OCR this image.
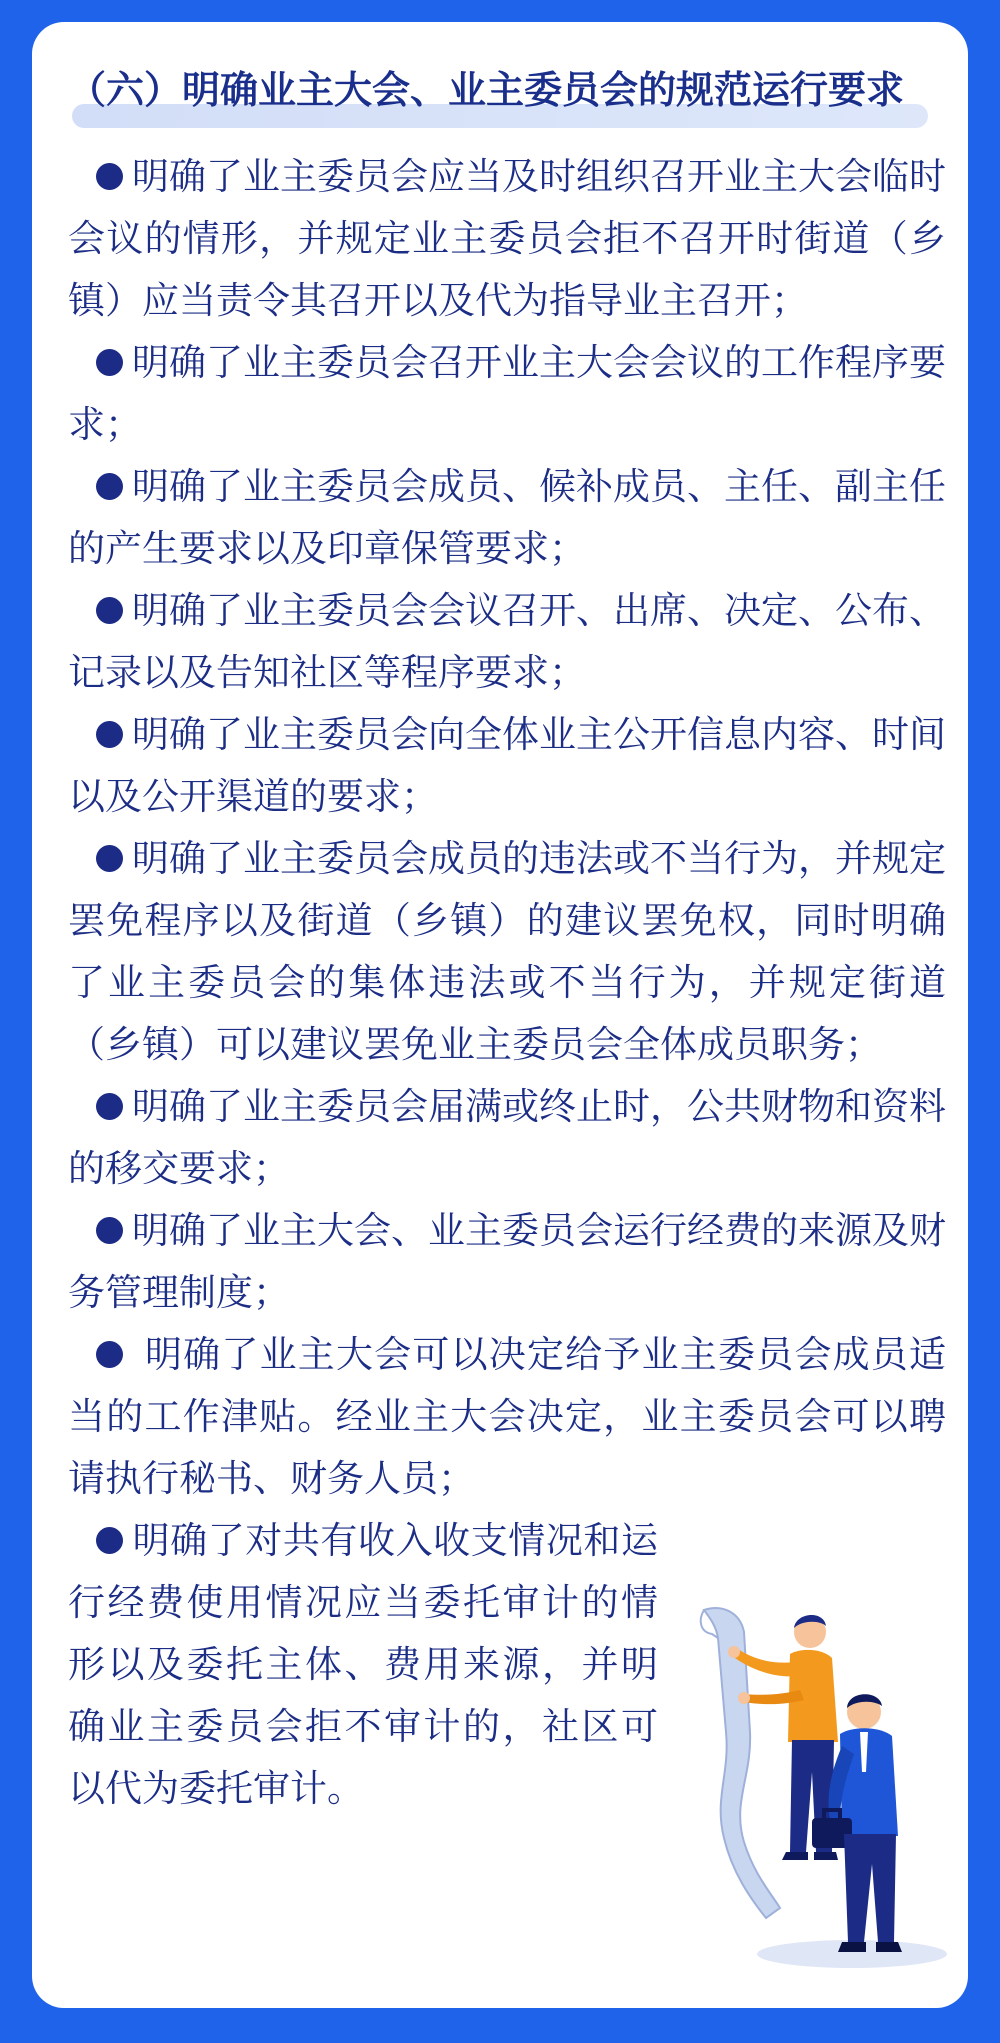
（六）明确业主大会、业主委员会的规范运行要求

明确了业主委员会应当及时组织召开业主大会临时会议的情形，并规定业主委员会拒不召开时街道（乡镇）应当责令其召开以及代为指导业主召开；

明确了业主委员会召开业主大会会议的工作程序要求；

明确了业主委员会成员、候补成员、主任、副主任的产生要求以及印章保管要求；

明确了业主委员会会议召开、出席、决定、公布、记录以及告知社区等程序要求；

明确了业主委员会向全体业主公开信息内容、时间以及公开渠道的要求；

明确了业主委员会成员的违法或不当行为，并规定罢免程序以及街道（乡镇）的建议罢免权，同时明确了业主委员会的集体违法或不当行为，并规定街道（乡镇）可以建议罢免业主委员会全体成员职务；

明确了业主委员会届满或终止时，公共财物和资料的移交要求；

明确了业主大会、业主委员会运行经费的来源及财务管理制度；

明确了业主大会可以决定给予业主委员会成员适当的工作津贴。经业主大会决定，业主委员会可以聘请执行秘书、财务人员；

明确了对共有收入收支情况和运行经费使用情况应当委托审计的情形以及委托主体、费用来源，并明确业主委员会拒不审计的，社区可以代为委托审计。
